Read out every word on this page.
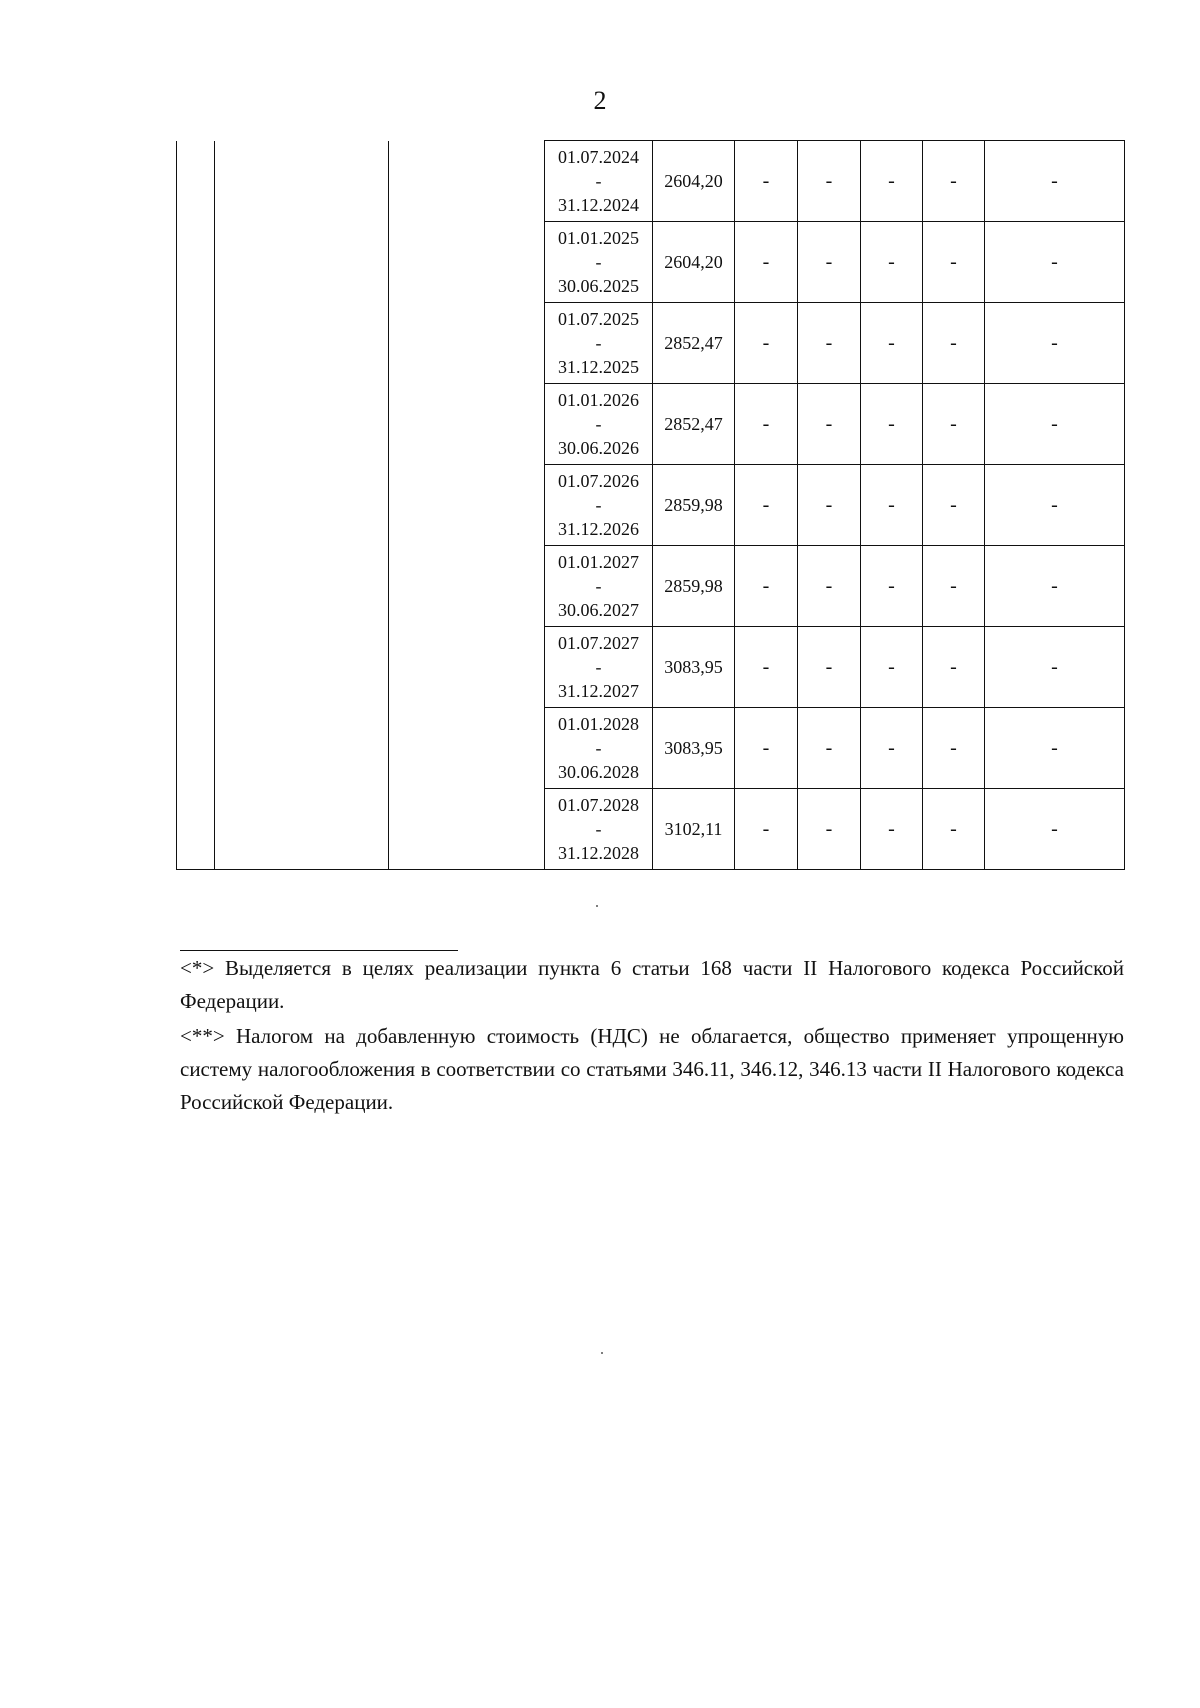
2

			01.07.2024
-
31.12.2024	2604,20	-	-	-	-	-

			01.01.2025
-
30.06.2025	2604,20	-	-	-	-	-

			01.07.2025
-
31.12.2025	2852,47	-	-	-	-	-

			01.01.2026
-
30.06.2026	2852,47	-	-	-	-	-

			01.07.2026
-
31.12.2026	2859,98	-	-	-	-	-

			01.01.2027
-
30.06.2027	2859,98	-	-	-	-	-

			01.07.2027
-
31.12.2027	3083,95	-	-	-	-	-

			01.01.2028
-
30.06.2028	3083,95	-	-	-	-	-

			01.07.2028
-
31.12.2028	3102,11	-	-	-	-	-

<*> Выделяется в целях реализации пункта 6 статьи 168 части II Налогового кодекса Российской Федерации.

<**> Налогом на добавленную стоимость (НДС) не облагается, общество применяет упрощенную систему налогообложения в соответствии со статьями 346.11, 346.12, 346.13 части II Налогового кодекса Российской Федерации.
